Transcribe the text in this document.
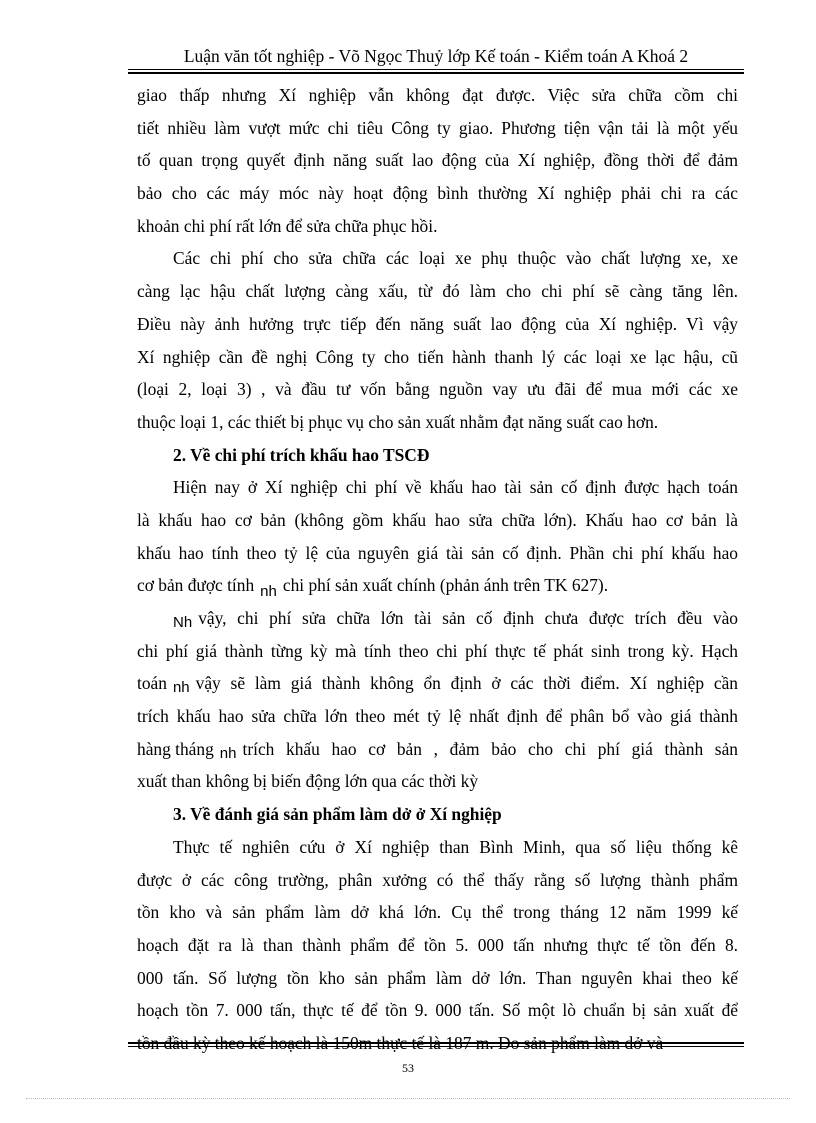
Luận văn tốt nghiệp - Võ Ngọc Thuỷ lớp Kế toán - Kiểm toán A Khoá 2
giao thấp nhưng Xí nghiệp vẫn không đạt được. Việc sửa chữa cồm chi
tiết nhiều làm vượt mức chi tiêu Công ty giao. Phương tiện vận tải là một yếu
tố quan trọng quyết định năng suất lao động của Xí nghiệp, đồng thời để đảm
bảo cho các máy móc này hoạt động bình thường Xí nghiệp phải chi ra các
khoản chi phí rất lớn để sửa chữa phục hồi.
Các chi phí cho sửa chữa các loại xe phụ thuộc vào chất lượng xe, xe
càng lạc hậu chất lượng càng xấu, từ đó làm cho chi phí sẽ càng tăng lên.
Điều này ảnh hưởng trực tiếp đến năng suất lao động của Xí nghiệp. Vì vậy
Xí nghiệp cần đề nghị Công ty cho tiến hành thanh lý các loại xe lạc hậu, cũ
(loại 2, loại 3) , và đầu tư vốn bằng nguồn vay ưu đãi để mua mới các xe
thuộc loại 1, các thiết bị phục vụ cho sản xuất nhằm đạt năng suất cao hơn.
2. Về chi phí trích khấu hao TSCĐ
Hiện nay ở Xí nghiệp chi phí về khấu hao tài sản cố định được hạch toán
là khấu hao cơ bản (không gồm khấu hao sửa chữa lớn). Khấu hao cơ bản là
khấu hao tính theo tỷ lệ của nguyên giá tài sản cố định. Phần chi phí khấu hao
cơ bản được tính nh chi phí sản xuất chính (phản ánh trên TK 627).
Nh vậy, chi phí sửa chữa lớn tài sản cố định chưa được trích đều vào
chi phí giá thành từng kỳ mà tính theo chi phí thực tế phát sinh trong kỳ. Hạch
toán nh vậy sẽ làm giá thành không ổn định ở các thời điểm. Xí nghiệp cần
trích khấu hao sửa chữa lớn theo mét tỷ lệ nhất định để phân bổ vào giá thành
hàng tháng nh trích khấu hao cơ bản , đảm bảo cho chi phí giá thành sản
xuất than không bị biến động lớn qua các thời kỳ
3. Về đánh giá sản phẩm làm dở ở Xí nghiệp
Thực tế nghiên cứu ở Xí nghiệp than Bình Minh, qua số liệu thống kê
được ở các công trường, phân xưởng có thể thấy rằng số lượng thành phẩm
tồn kho và sản phẩm làm dở khá lớn. Cụ thể trong tháng 12 năm 1999 kế
hoạch đặt ra là than thành phẩm để tồn 5. 000 tấn nhưng thực tế tồn đến 8.
000 tấn. Số lượng tồn kho sản phẩm làm dở lớn. Than nguyên khai theo kế
hoạch tồn 7. 000 tấn, thực tế để tồn 9. 000 tấn. Số một lò chuẩn bị sản xuất để
tồn đầu kỳ theo kế hoạch là 150m thực tế là 187 m. Do sản phẩm làm dở và
53
